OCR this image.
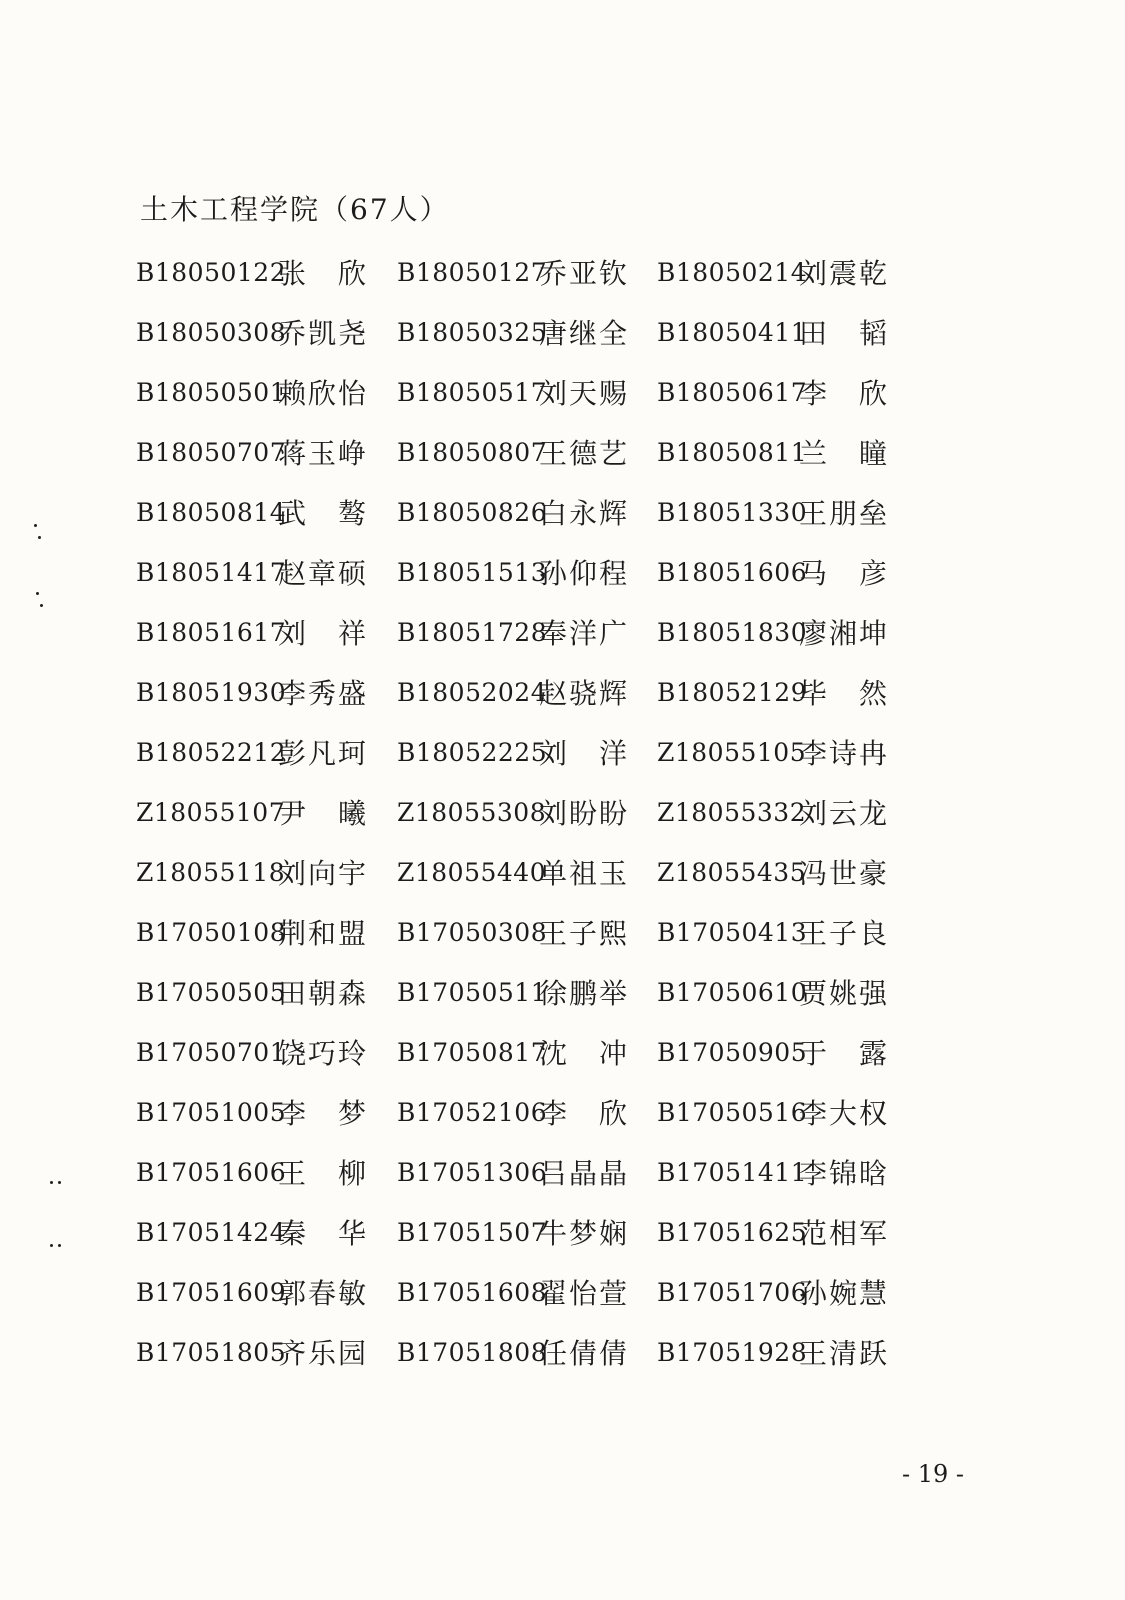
土木工程学院（67人）
B18050122
张 欣 B18050127
乔亚钦 B18050214
刘震乾
B18050308
乔凯尧 B18050325
唐继全 B18050411
田 韬
B18050501
赖欣怡 B18050517
刘天赐 B18050617
李 欣
B18050707
蒋玉峥 B18050807
王德艺 B18050811
兰 瞳
B18050814
武 骜 B18050826
白永辉 B18051330
王朋垒
B18051417
赵章硕 B18051513
孙仰程 B18051606
马 彦
B18051617
刘 祥 B18051728
奉洋广 B18051830
廖湘坤
B18051930
李秀盛 B18052024
赵骁辉 B18052129
毕 然
B18052212
彭凡珂 B18052225
刘 洋 Z18055105
李诗冉
Z18055107
尹 曦 Z18055308
刘盼盼 Z18055332
刘云龙
Z18055118
刘向宇 Z18055440
单祖玉 Z18055435
冯世豪
B17050108
荆和盟 B17050308
王子熙 B17050413
王子良
B17050505
田朝森 B17050511
徐鹏举 B17050610
贾姚强
B17050701
饶巧玲 B17050817
沈 冲 B17050905
于 露
B17051005
李 梦 B17052106
李 欣 B17050516
李大权
B17051606
王 柳 B17051306
吕晶晶 B17051411
李锦晗
B17051424
秦 华 B17051507
牛梦娴 B17051625
范相军
B17051609
郭春敏 B17051608
翟怡萱 B17051706
孙婉慧
B17051805
齐乐园 B17051808
任倩倩 B17051928
王清跃
- 19 -
